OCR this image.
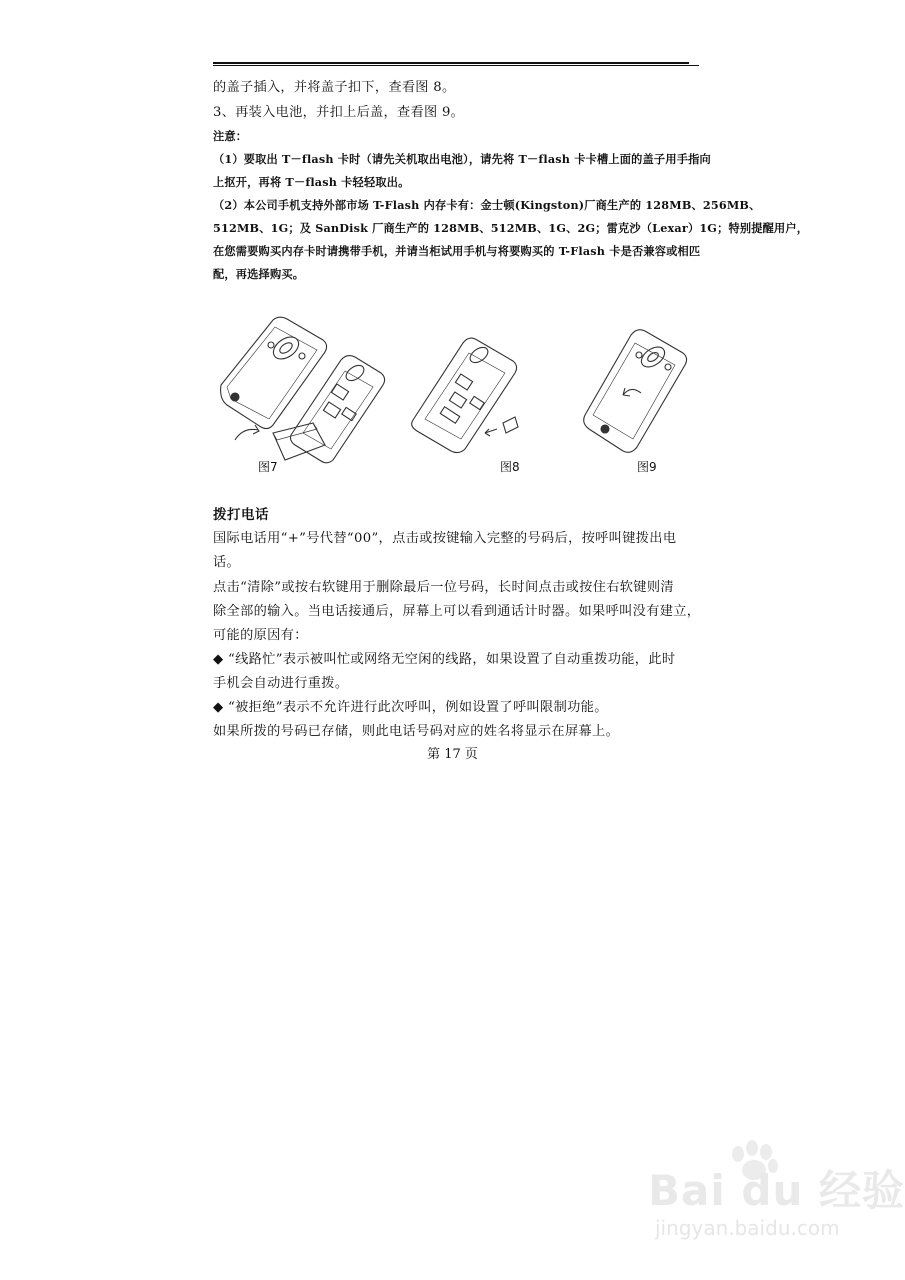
的盖子插入，并将盖子扣下，查看图 8。
3、再装入电池，并扣上后盖，查看图 9。
注意：
（1）要取出 T－flash 卡时（请先关机取出电池），请先将 T－flash 卡卡槽上面的盖子用手指向
上抠开，再将 T－flash 卡轻轻取出。
（2）本公司手机支持外部市场 T-Flash 内存卡有：金士顿(Kingston)厂商生产的 128MB、256MB、
512MB、1G；及 SanDisk 厂商生产的 128MB、512MB、1G、2G；雷克沙（Lexar）1G；特别提醒用户，
在您需要购买内存卡时请携带手机，并请当柜试用手机与将要购买的 T-Flash 卡是否兼容或相匹
配，再选择购买。
图7	图8	图9
拨打电话
国际电话用“+”号代替“00”，点击或按键输入完整的号码后，按呼叫键拨出电
话。
点击“清除”或按右软键用于删除最后一位号码，长时间点击或按住右软键则清
除全部的输入。当电话接通后，屏幕上可以看到通话计时器。如果呼叫没有建立，
可能的原因有：
◆ “线路忙”表示被叫忙或网络无空闲的线路，如果设置了自动重拨功能，此时
手机会自动进行重拨。
◆ “被拒绝”表示不允许进行此次呼叫，例如设置了呼叫限制功能。
如果所拨的号码已存储，则此电话号码对应的姓名将显示在屏幕上。
第 17 页
Bai du 经验
jingyan.baidu.com
